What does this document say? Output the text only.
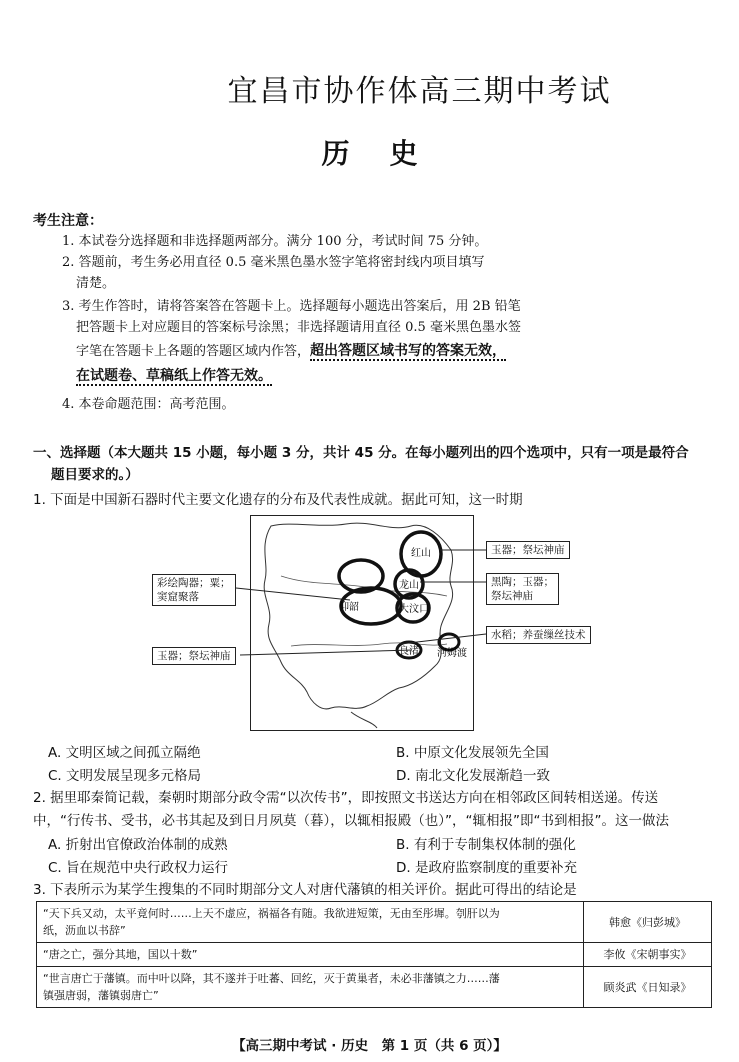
宜昌市协作体高三期中考试
历史
考生注意：
1. 本试卷分选择题和非选择题两部分。满分 100 分，考试时间 75 分钟。
2. 答题前，考生务必用直径 0.5 毫米黑色墨水签字笔将密封线内项目填写
清楚。
3. 考生作答时，请将答案答在答题卡上。选择题每小题选出答案后，用 2B 铅笔
把答题卡上对应题目的答案标号涂黑；非选择题请用直径 0.5 毫米黑色墨水签
字笔在答题卡上各题的答题区域内作答，超出答题区域书写的答案无效，
在试题卷、草稿纸上作答无效。
4. 本卷命题范围：高考范围。
一、选择题（本大题共 15 小题，每小题 3 分，共计 45 分。在每小题列出的四个选项中，只有一项是最符合
题目要求的。）
1. 下面是中国新石器时代主要文化遗存的分布及代表性成就。据此可知，这一时期
红山
仰韶
龙山
大汶口
良渚 河姆渡
玉器；祭坛神庙
彩绘陶器；粟；
窦窟聚落
黑陶；玉器；
祭坛神庙
水稻；养蚕缫丝技术
玉器；祭坛神庙
A. 文明区域之间孤立隔绝	B. 中原文化发展领先全国
C. 文明发展呈现多元格局	D. 南北文化发展渐趋一致
2. 据里耶秦简记载，秦朝时期部分政令需“以次传书”，即按照文书送达方向在相邻政区间转相送递。传送
中，“行传书、受书，必书其起及到日月夙莫（暮），以辄相报殿（也）”，“辄相报”即“书到相报”。这一做法
A. 折射出官僚政治体制的成熟	B. 有利于专制集权体制的强化
C. 旨在规范中央行政权力运行	D. 是政府监察制度的重要补充
3. 下表所示为某学生搜集的不同时期部分文人对唐代藩镇的相关评价。据此可得出的结论是
“天下兵又动，太平竟何时……上天不虚应，祸福各有随。我欲进短策，无由至彤墀。刳肝以为
纸，沥血以书辞”	韩愈《归彭城》

“唐之亡，强分其地，国以十数”	李攸《宋朝事实》

“世言唐亡于藩镇。而中叶以降，其不遂并于吐蕃、回纥，灭于黄巢者，未必非藩镇之力……藩
镇强唐弱，藩镇弱唐亡”	顾炎武《日知录》
【高三期中考试 · 历史　第 1 页（共 6 页）】
